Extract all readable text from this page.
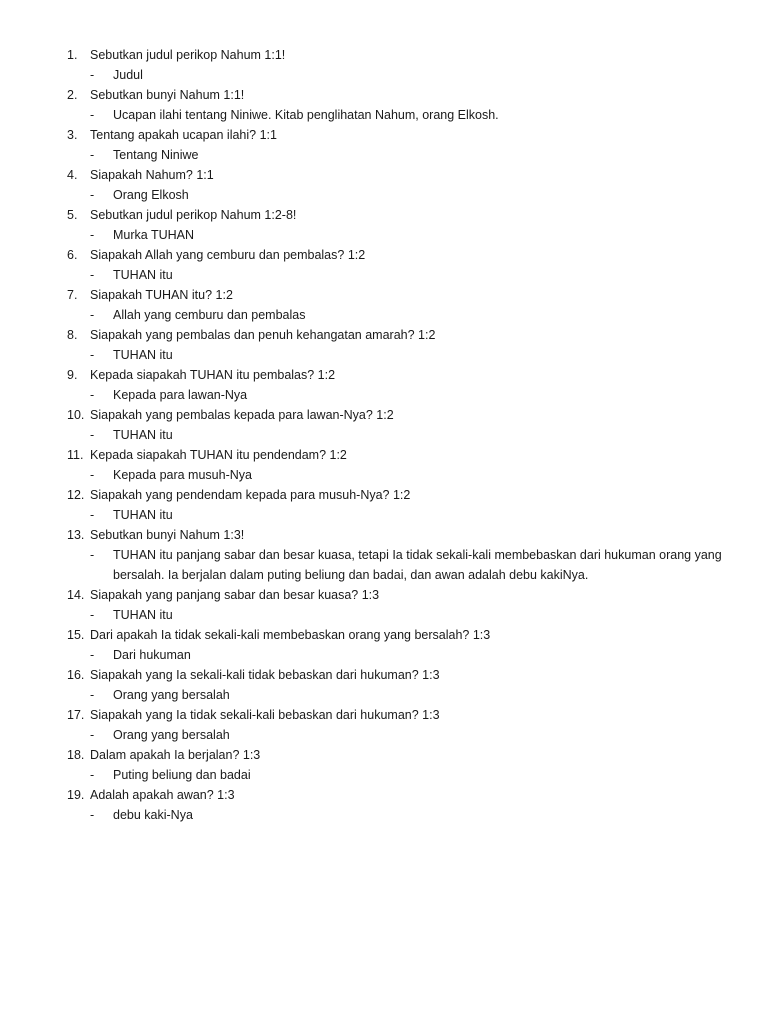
1.	Sebutkan judul perikop Nahum 1:1!
-	Judul
2.	Sebutkan bunyi Nahum 1:1!
-	Ucapan ilahi tentang Niniwe. Kitab penglihatan Nahum, orang Elkosh.
3.	Tentang apakah ucapan ilahi? 1:1
-	Tentang Niniwe
4.	Siapakah Nahum? 1:1
-	Orang Elkosh
5.	Sebutkan judul perikop Nahum 1:2-8!
-	Murka TUHAN
6.	Siapakah Allah yang cemburu dan pembalas? 1:2
-	TUHAN itu
7.	Siapakah TUHAN itu? 1:2
-	Allah yang cemburu dan pembalas
8.	Siapakah yang pembalas dan penuh kehangatan amarah? 1:2
-	TUHAN itu
9.	Kepada siapakah TUHAN itu pembalas? 1:2
-	Kepada para lawan-Nya
10. Siapakah yang pembalas kepada para lawan-Nya? 1:2
-	TUHAN itu
11. Kepada siapakah TUHAN itu pendendam? 1:2
-	Kepada para musuh-Nya
12. Siapakah yang pendendam kepada para musuh-Nya? 1:2
-	TUHAN itu
13. Sebutkan bunyi Nahum 1:3!
-	TUHAN itu panjang sabar dan besar kuasa, tetapi Ia tidak sekali-kali membebaskan dari hukuman orang yang bersalah. Ia berjalan dalam puting beliung dan badai, dan awan adalah debu kakiNya.
14. Siapakah yang panjang sabar dan besar kuasa? 1:3
-	TUHAN itu
15. Dari apakah Ia tidak sekali-kali membebaskan orang yang bersalah? 1:3
-	Dari hukuman
16. Siapakah yang Ia sekali-kali tidak bebaskan dari hukuman? 1:3
-	Orang yang bersalah
17. Siapakah yang Ia tidak sekali-kali bebaskan dari hukuman? 1:3
-	Orang yang bersalah
18. Dalam apakah Ia berjalan? 1:3
-	Puting beliung dan badai
19. Adalah apakah awan? 1:3
-	debu kaki-Nya
